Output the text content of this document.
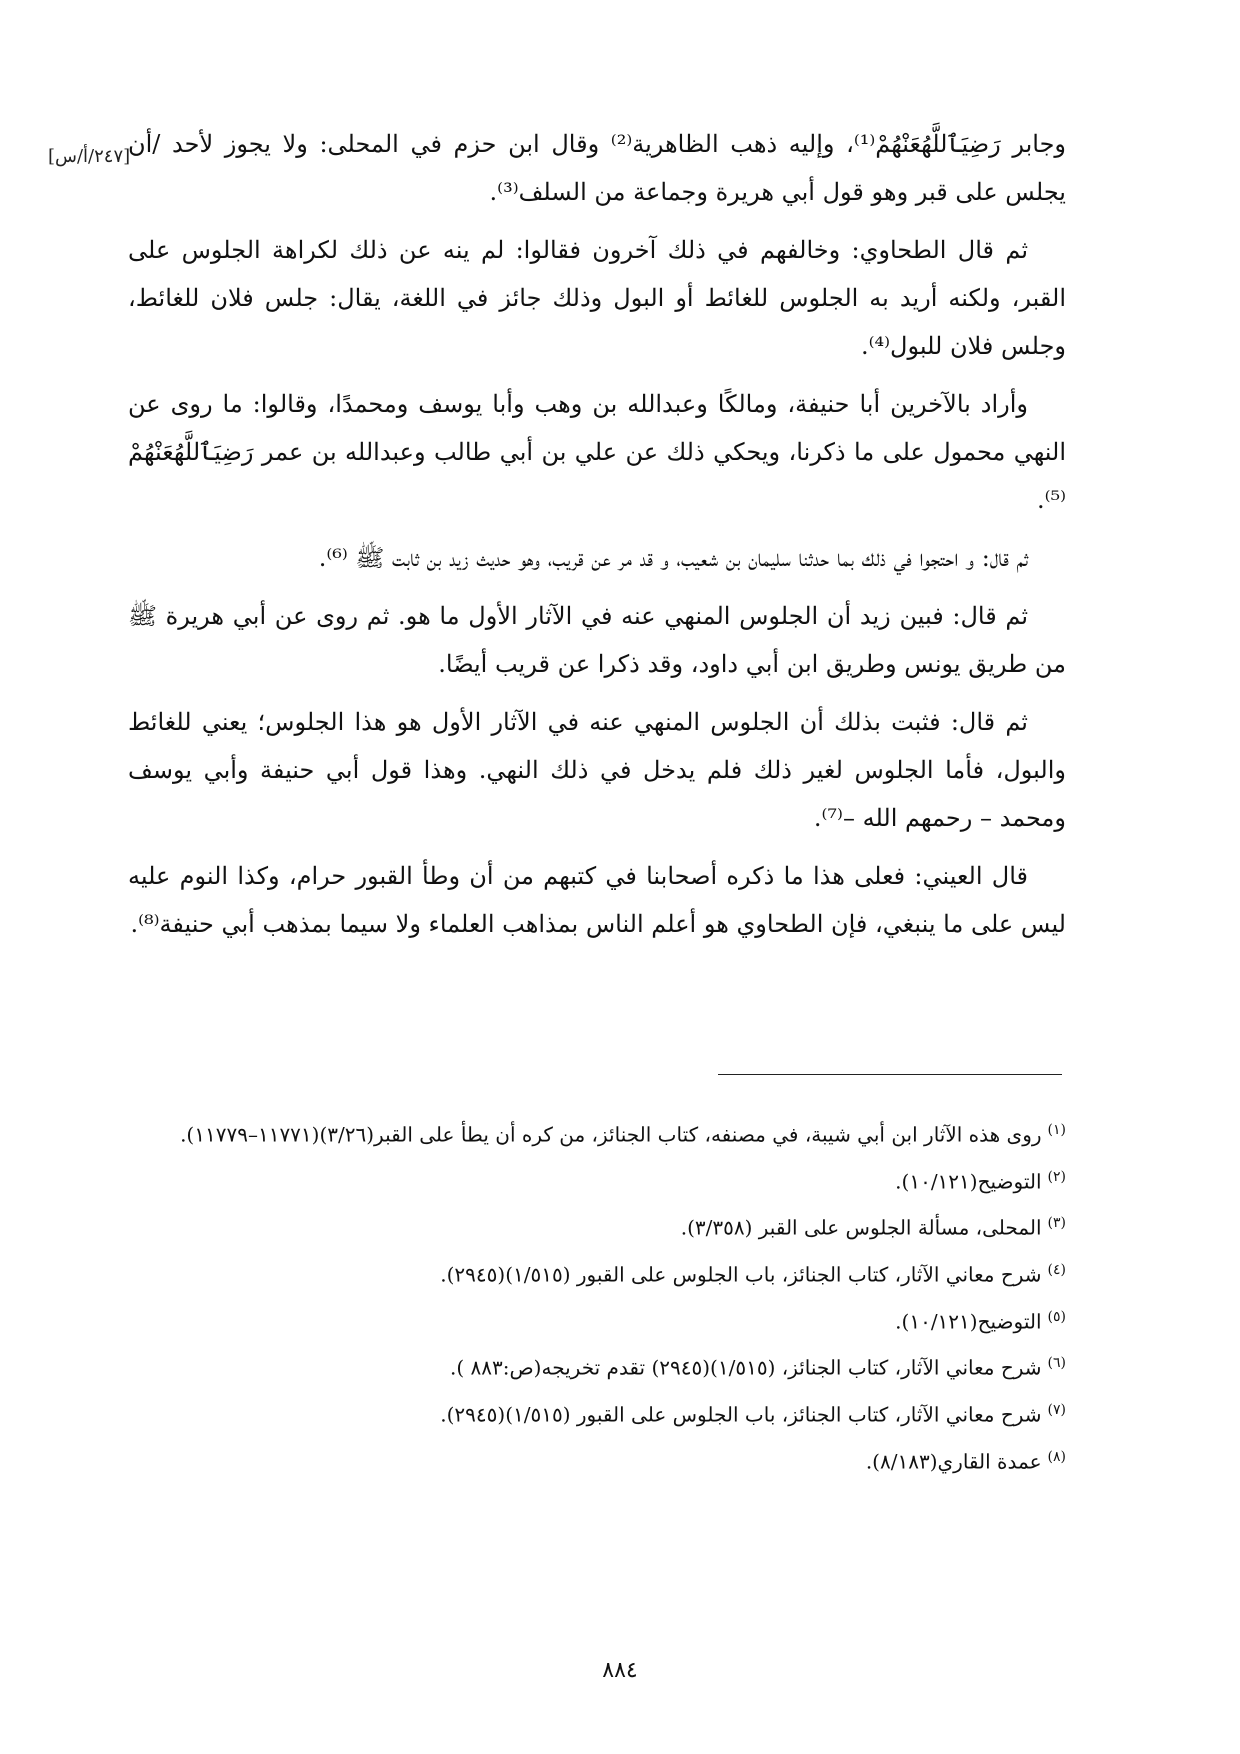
[٢٤٧/أ/س]

وجابر رَضِيَٱللَّهُعَنْهُمْ⁽¹⁾، وإليه ذهب الظاهرية⁽²⁾ وقال ابن حزم في المحلى: ولا يجوز لأحد /أن يجلس على قبر وهو قول أبي هريرة وجماعة من السلف⁽³⁾.

ثم قال الطحاوي: وخالفهم في ذلك آخرون فقالوا: لم ينه عن ذلك لكراهة الجلوس على القبر، ولكنه أريد به الجلوس للغائط أو البول وذلك جائز في اللغة، يقال: جلس فلان للغائط، وجلس فلان للبول⁽⁴⁾.

وأراد بالآخرين أبا حنيفة، ومالكًا وعبدالله بن وهب وأبا يوسف ومحمدًا، وقالوا: ما روى عن النهي محمول على ما ذكرنا، ويحكي ذلك عن علي بن أبي طالب وعبدالله بن عمر رَضِيَٱللَّهُعَنْهُمْ ⁽⁵⁾.

ثم قال: و احتجوا في ذلك بما حدثنا سليمان بن شعيب، و قد مر عن قريب، وهو حديث زيد بن ثابت ﷺ ⁽⁶⁾.

ثم قال: فبين زيد أن الجلوس المنهي عنه في الآثار الأول ما هو. ثم روى عن أبي هريرة ﷺ من طريق يونس وطريق ابن أبي داود، وقد ذكرا عن قريب أيضًا.

ثم قال: فثبت بذلك أن الجلوس المنهي عنه في الآثار الأول هو هذا الجلوس؛ يعني للغائط والبول، فأما الجلوس لغير ذلك فلم يدخل في ذلك النهي. وهذا قول أبي حنيفة وأبي يوسف ومحمد – رحمهم الله –⁽⁷⁾.

قال العيني: فعلى هذا ما ذكره أصحابنا في كتبهم من أن وطأ القبور حرام، وكذا النوم عليه ليس على ما ينبغي، فإن الطحاوي هو أعلم الناس بمذاهب العلماء ولا سيما بمذهب أبي حنيفة⁽⁸⁾.

$^{(١)}$روى هذه الآثار ابن أبي شيبة، في مصنفه، كتاب الجنائز، من كره أن يطأ على القبر(٣/٢٦)(١١٧٧١–١١٧٧٩).

$^{(٢)}$التوضيح(١٠/١٢١).

$^{(٣)}$المحلى، مسألة الجلوس على القبر (٣/٣٥٨).

$^{(٤)}$شرح معاني الآثار، كتاب الجنائز، باب الجلوس على القبور (١/٥١٥)(٢٩٤٥).

$^{(٥)}$التوضيح(١٠/١٢١).

$^{(٦)}$شرح معاني الآثار، كتاب الجنائز، (١/٥١٥)(٢٩٤٥) تقدم تخريجه(ص:٨٨٣ ).

$^{(٧)}$شرح معاني الآثار، كتاب الجنائز، باب الجلوس على القبور (١/٥١٥)(٢٩٤٥).

$^{(٨)}$عمدة القاري(٨/١٨٣).

٨٨٤
